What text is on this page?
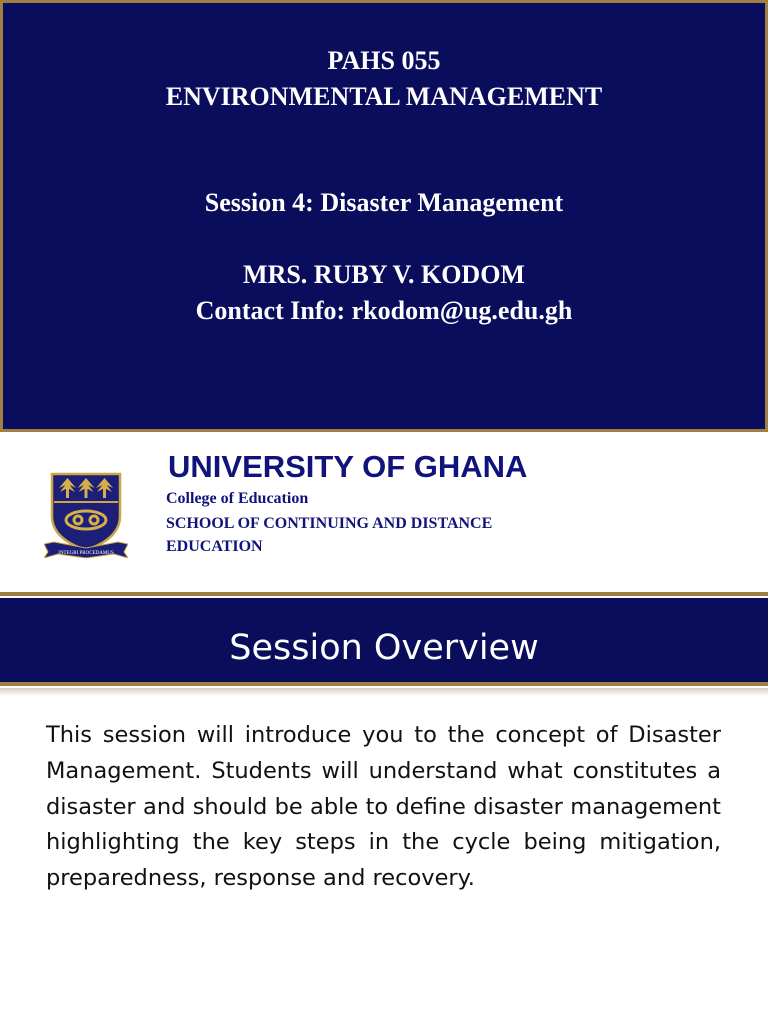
PAHS 055
ENVIRONMENTAL MANAGEMENT
Session 4: Disaster Management
MRS. RUBY V. KODOM
Contact Info: rkodom@ug.edu.gh
INTEGRI PROCEDAMUS
UNIVERSITY OF GHANA
College of Education
SCHOOL OF CONTINUING AND DISTANCE EDUCATION
Session Overview

This session will introduce you to the concept of Disaster Management. Students will understand what constitutes a disaster and should be able to define disaster management highlighting the key steps in the cycle being mitigation, preparedness, response and recovery.
